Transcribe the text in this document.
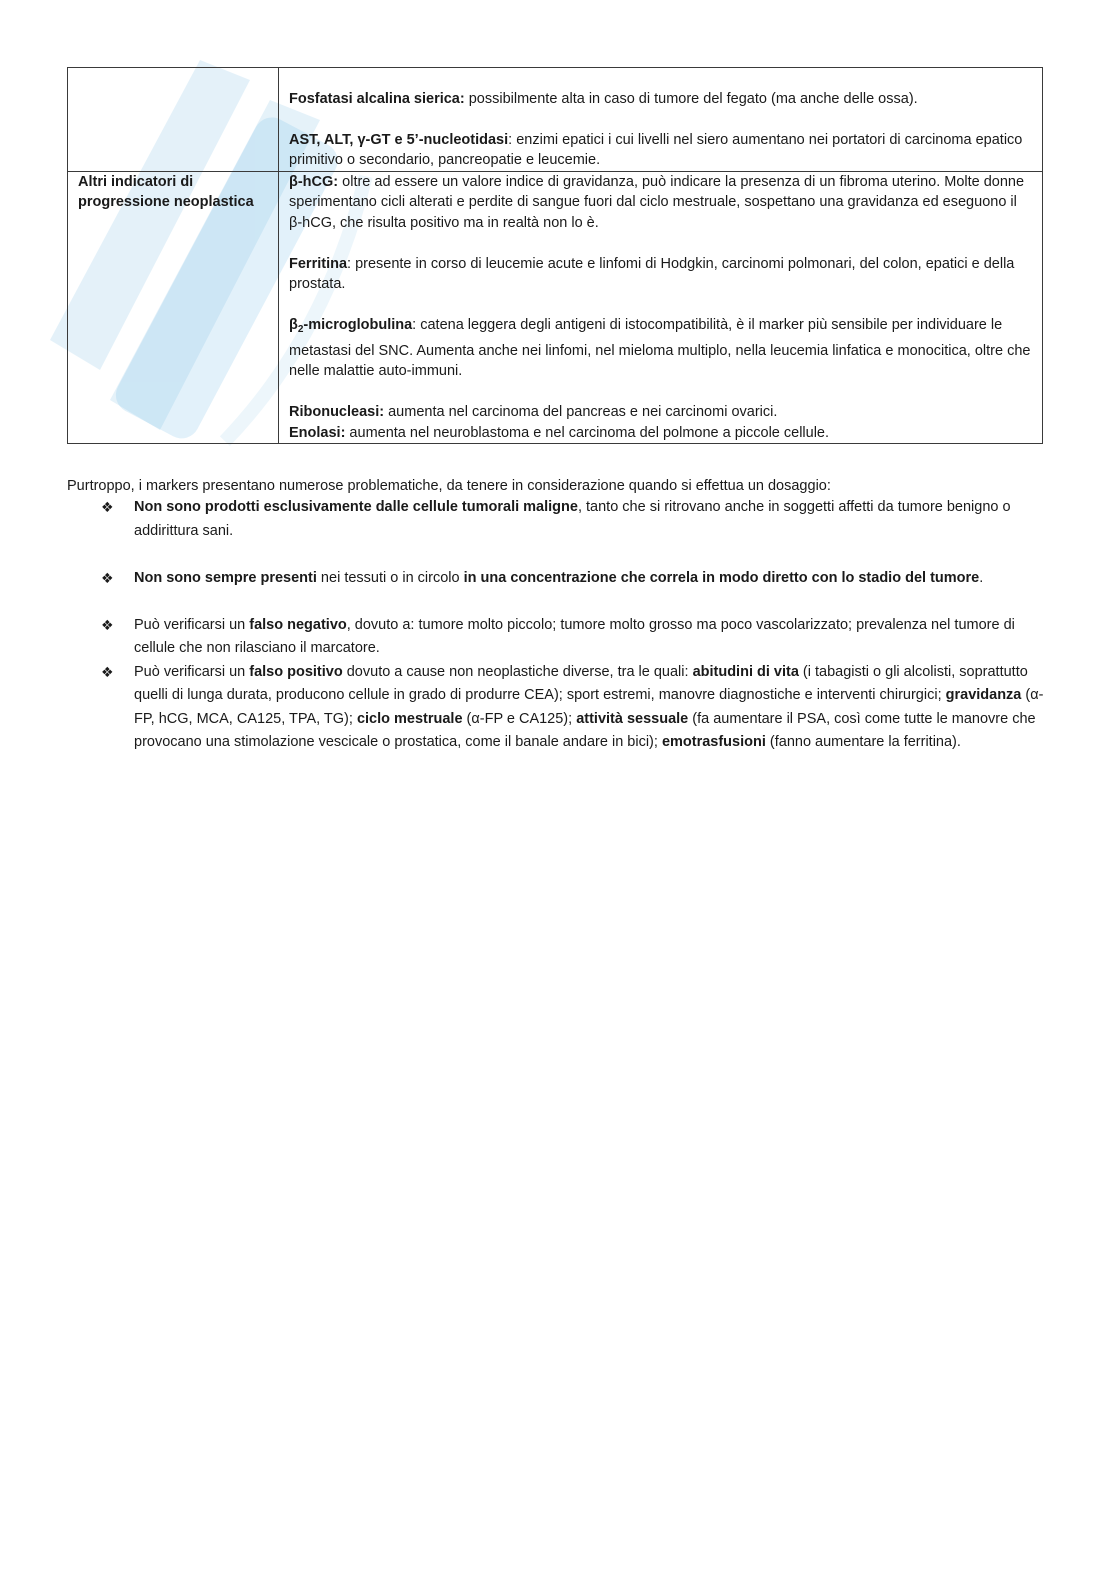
	Fosfatasi alcalina sierica: possibilmente alta in caso di tumore del fegato (ma anche delle ossa).

AST, ALT, γ-GT e 5’-nucleotidasi: enzimi epatici i cui livelli nel siero aumentano nei portatori di carcinoma epatico primitivo o secondario, pancreopatie e leucemie.

Altri indicatori di progressione neoplastica	β-hCG: oltre ad essere un valore indice di gravidanza, può indicare la presenza di un fibroma uterino. Molte donne sperimentano cicli alterati e perdite di sangue fuori dal ciclo mestruale, sospettano una gravidanza ed eseguono il β-hCG, che risulta positivo ma in realtà non lo è.

Ferritina: presente in corso di leucemie acute e linfomi di Hodgkin, carcinomi polmonari, del colon, epatici e della prostata.

$\beta_2$-microglobulina: catena leggera degli antigeni di istocompatibilità, è il marker più sensibile per individuare le metastasi del SNC. Aumenta anche nei linfomi, nel mieloma multiplo, nella leucemia linfatica e monocitica, oltre che nelle malattie auto-immuni.

Ribonucleasi: aumenta nel carcinoma del pancreas e nei carcinomi ovarici.

Enolasi: aumenta nel neuroblastoma e nel carcinoma del polmone a piccole cellule.

Purtroppo, i markers presentano numerose problematiche, da tenere in considerazione quando si effettua un dosaggio:

❖ Non sono prodotti esclusivamente dalle cellule tumorali maligne, tanto che si ritrovano anche in soggetti affetti da tumore benigno o addirittura sani.
❖ Non sono sempre presenti nei tessuti o in circolo in una concentrazione che correla in modo diretto con lo stadio del tumore.
❖ Può verificarsi un falso negativo, dovuto a: tumore molto piccolo; tumore molto grosso ma poco vascolarizzato; prevalenza nel tumore di cellule che non rilasciano il marcatore.
❖ Può verificarsi un falso positivo dovuto a cause non neoplastiche diverse, tra le quali: abitudini di vita (i tabagisti o gli alcolisti, soprattutto quelli di lunga durata, producono cellule in grado di produrre CEA); sport estremi, manovre diagnostiche e interventi chirurgici; gravidanza (α-FP, hCG, MCA, CA125, TPA, TG); ciclo mestruale (α-FP e CA125); attività sessuale (fa aumentare il PSA, così come tutte le manovre che provocano una stimolazione vescicale o prostatica, come il banale andare in bici); emotrasfusioni (fanno aumentare la ferritina).
